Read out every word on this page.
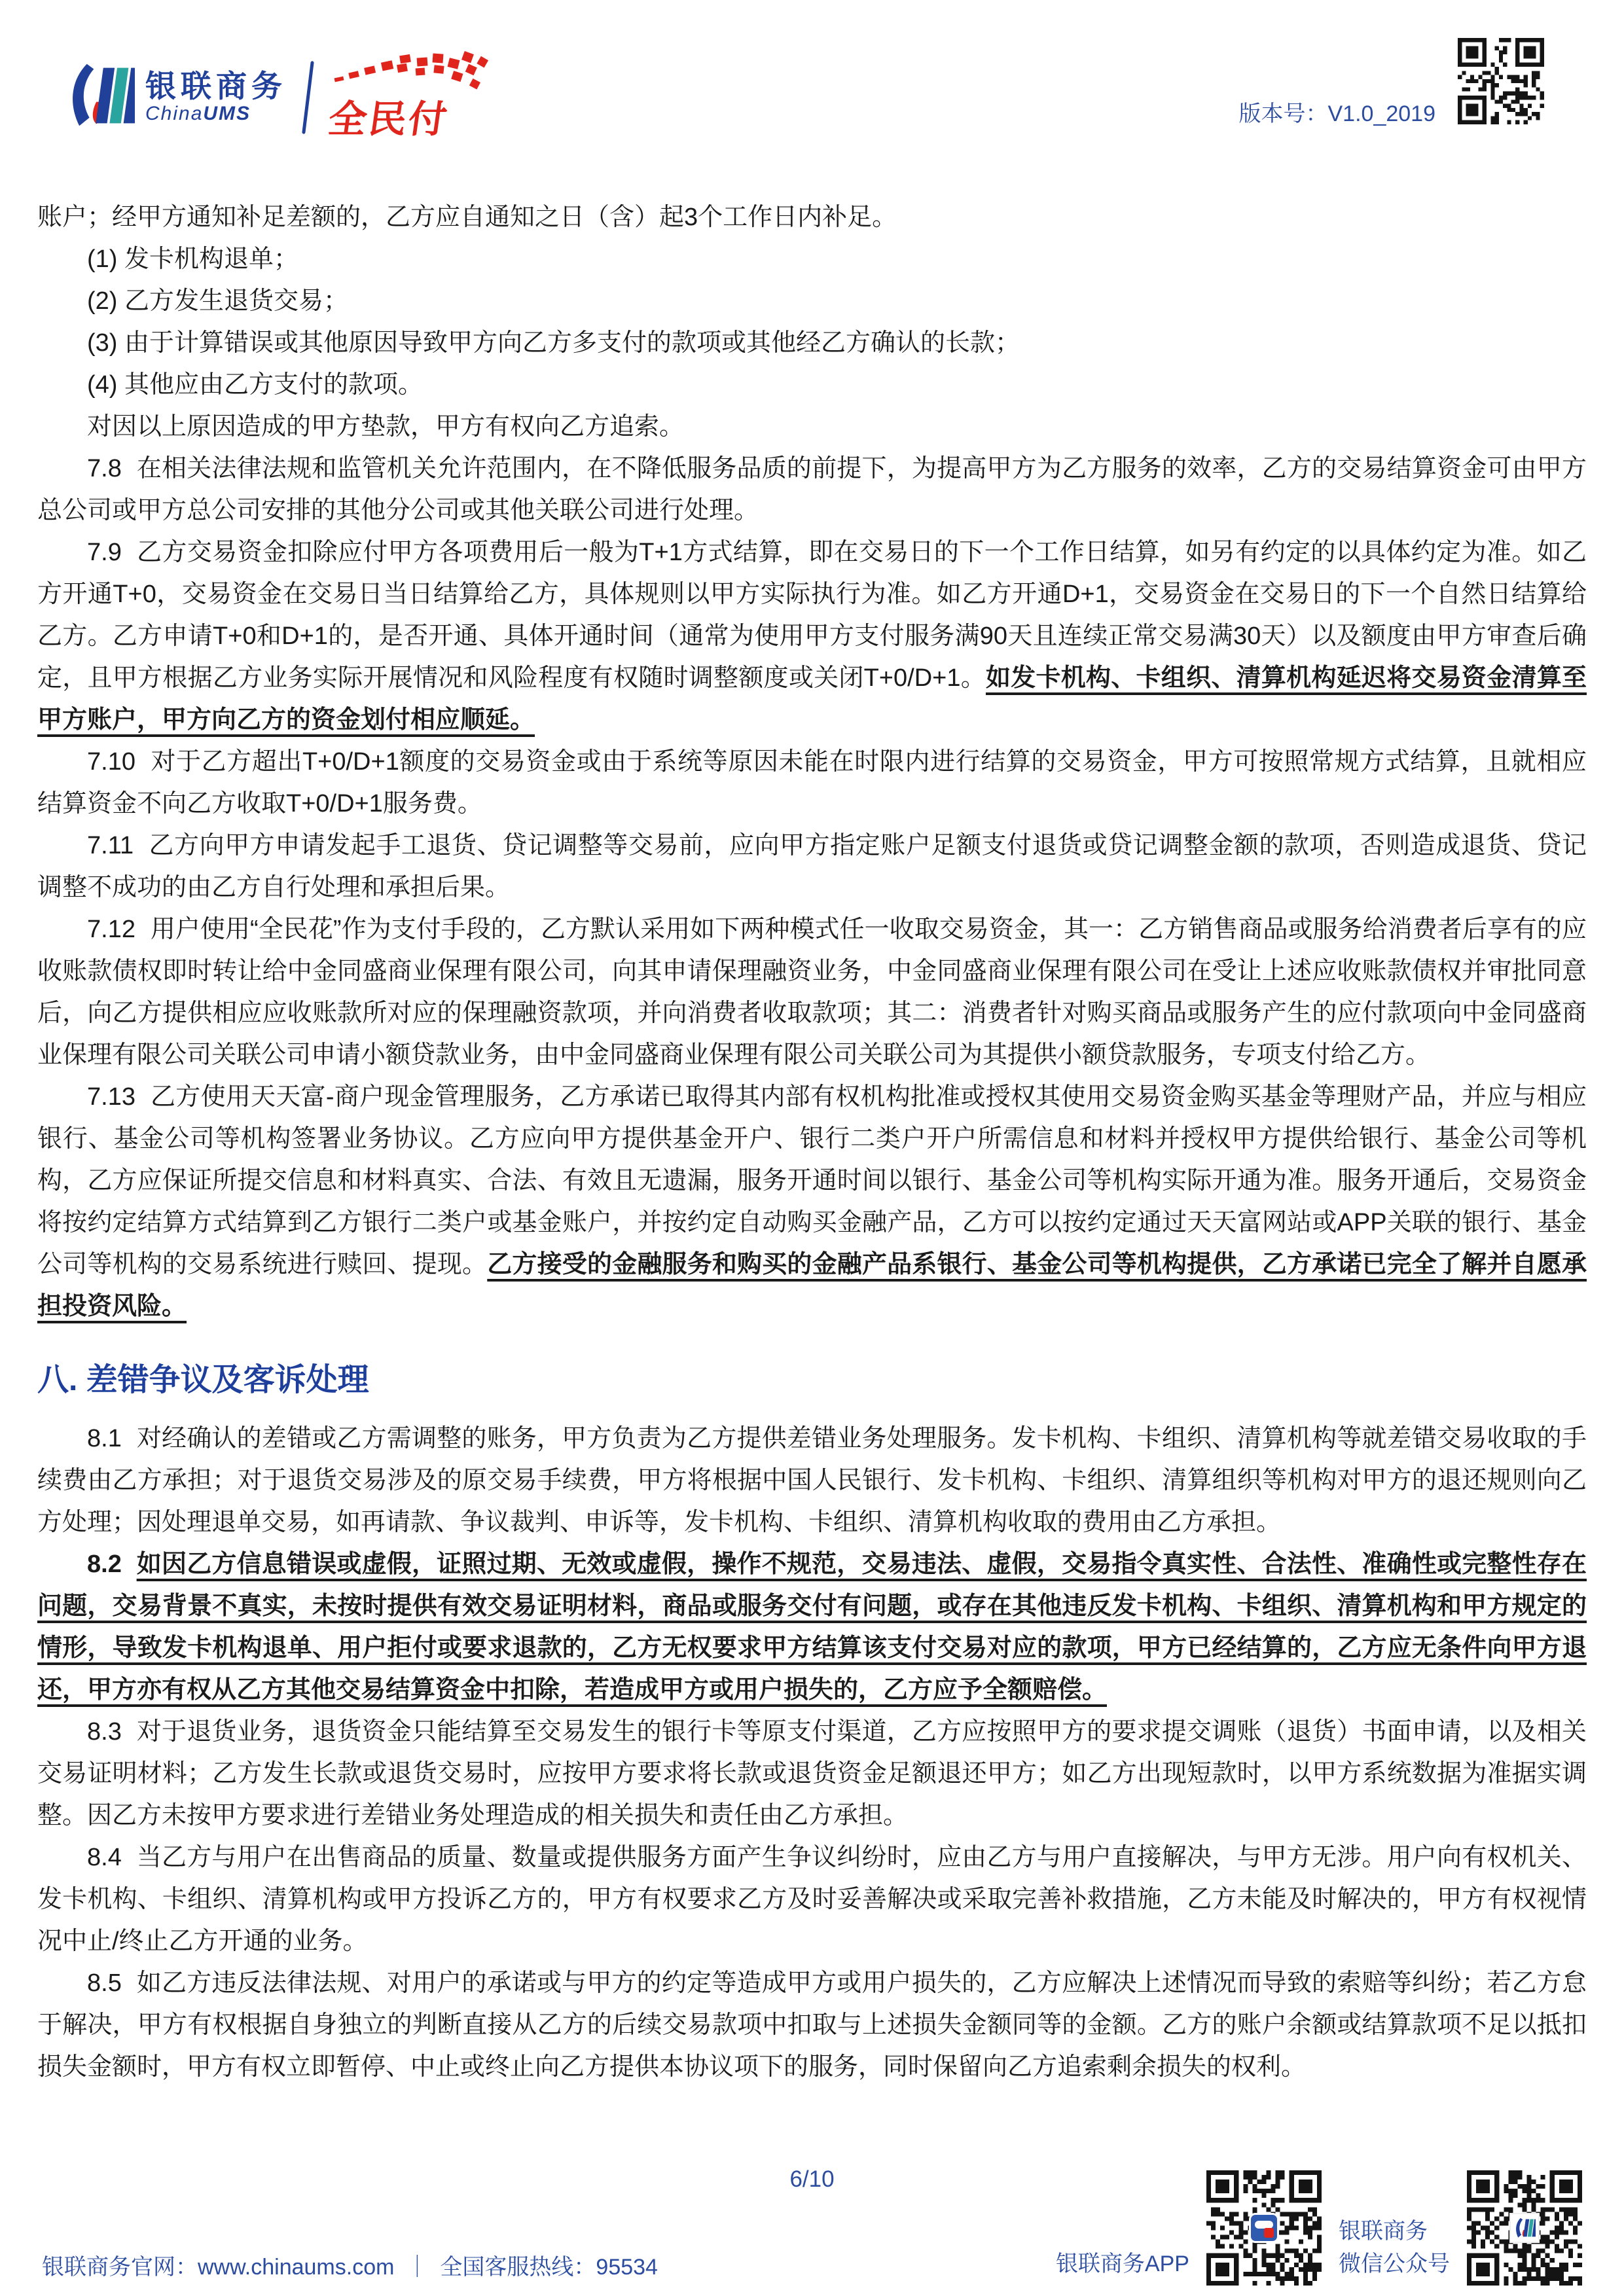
银联商务
ChinaUMS	全民付	版本号：V1.0_2019

账户；经甲方通知补足差额的，乙方应自通知之日（含）起3个工作日内补足。

(1) 发卡机构退单；

(2) 乙方发生退货交易；

(3) 由于计算错误或其他原因导致甲方向乙方多支付的款项或其他经乙方确认的长款；

(4) 其他应由乙方支付的款项。

对因以上原因造成的甲方垫款，甲方有权向乙方追索。

7.8 在相关法律法规和监管机关允许范围内，在不降低服务品质的前提下，为提高甲方为乙方服务的效率，乙方的交易结算资金可由甲方总公司或甲方总公司安排的其他分公司或其他关联公司进行处理。

7.9 乙方交易资金扣除应付甲方各项费用后一般为T+1方式结算，即在交易日的下一个工作日结算，如另有约定的以具体约定为准。如乙方开通T+0，交易资金在交易日当日结算给乙方，具体规则以甲方实际执行为准。如乙方开通D+1，交易资金在交易日的下一个自然日结算给乙方。乙方申请T+0和D+1的，是否开通、具体开通时间（通常为使用甲方支付服务满90天且连续正常交易满30天）以及额度由甲方审查后确定，且甲方根据乙方业务实际开展情况和风险程度有权随时调整额度或关闭T+0/D+1。如发卡机构、卡组织、清算机构延迟将交易资金清算至甲方账户，甲方向乙方的资金划付相应顺延。

7.10 对于乙方超出T+0/D+1额度的交易资金或由于系统等原因未能在时限内进行结算的交易资金，甲方可按照常规方式结算，且就相应结算资金不向乙方收取T+0/D+1服务费。

7.11 乙方向甲方申请发起手工退货、贷记调整等交易前，应向甲方指定账户足额支付退货或贷记调整金额的款项，否则造成退货、贷记调整不成功的由乙方自行处理和承担后果。

7.12 用户使用“全民花”作为支付手段的，乙方默认采用如下两种模式任一收取交易资金，其一：乙方销售商品或服务给消费者后享有的应收账款债权即时转让给中金同盛商业保理有限公司，向其申请保理融资业务，中金同盛商业保理有限公司在受让上述应收账款债权并审批同意后，向乙方提供相应应收账款所对应的保理融资款项，并向消费者收取款项；其二：消费者针对购买商品或服务产生的应付款项向中金同盛商业保理有限公司关联公司申请小额贷款业务，由中金同盛商业保理有限公司关联公司为其提供小额贷款服务，专项支付给乙方。

7.13 乙方使用天天富-商户现金管理服务，乙方承诺已取得其内部有权机构批准或授权其使用交易资金购买基金等理财产品，并应与相应银行、基金公司等机构签署业务协议。乙方应向甲方提供基金开户、银行二类户开户所需信息和材料并授权甲方提供给银行、基金公司等机构，乙方应保证所提交信息和材料真实、合法、有效且无遗漏，服务开通时间以银行、基金公司等机构实际开通为准。服务开通后，交易资金将按约定结算方式结算到乙方银行二类户或基金账户，并按约定自动购买金融产品，乙方可以按约定通过天天富网站或APP关联的银行、基金公司等机构的交易系统进行赎回、提现。乙方接受的金融服务和购买的金融产品系银行、基金公司等机构提供，乙方承诺已完全了解并自愿承担投资风险。

八. 差错争议及客诉处理

8.1 对经确认的差错或乙方需调整的账务，甲方负责为乙方提供差错业务处理服务。发卡机构、卡组织、清算机构等就差错交易收取的手续费由乙方承担；对于退货交易涉及的原交易手续费，甲方将根据中国人民银行、发卡机构、卡组织、清算组织等机构对甲方的退还规则向乙方处理；因处理退单交易，如再请款、争议裁判、申诉等，发卡机构、卡组织、清算机构收取的费用由乙方承担。

8.2 如因乙方信息错误或虚假，证照过期、无效或虚假，操作不规范，交易违法、虚假，交易指令真实性、合法性、准确性或完整性存在问题，交易背景不真实，未按时提供有效交易证明材料，商品或服务交付有问题，或存在其他违反发卡机构、卡组织、清算机构和甲方规定的情形，导致发卡机构退单、用户拒付或要求退款的，乙方无权要求甲方结算该支付交易对应的款项，甲方已经结算的，乙方应无条件向甲方退还，甲方亦有权从乙方其他交易结算资金中扣除，若造成甲方或用户损失的，乙方应予全额赔偿。

8.3 对于退货业务，退货资金只能结算至交易发生的银行卡等原支付渠道，乙方应按照甲方的要求提交调账（退货）书面申请，以及相关交易证明材料；乙方发生长款或退货交易时，应按甲方要求将长款或退货资金足额退还甲方；如乙方出现短款时，以甲方系统数据为准据实调整。因乙方未按甲方要求进行差错业务处理造成的相关损失和责任由乙方承担。

8.4 当乙方与用户在出售商品的质量、数量或提供服务方面产生争议纠纷时，应由乙方与用户直接解决，与甲方无涉。用户向有权机关、发卡机构、卡组织、清算机构或甲方投诉乙方的，甲方有权要求乙方及时妥善解决或采取完善补救措施，乙方未能及时解决的，甲方有权视情况中止/终止乙方开通的业务。

8.5 如乙方违反法律法规、对用户的承诺或与甲方的约定等造成甲方或用户损失的，乙方应解决上述情况而导致的索赔等纠纷；若乙方怠于解决，甲方有权根据自身独立的判断直接从乙方的后续交易款项中扣取与上述损失金额同等的金额。乙方的账户余额或结算款项不足以抵扣损失金额时，甲方有权立即暂停、中止或终止向乙方提供本协议项下的服务，同时保留向乙方追索剩余损失的权利。

6/10
银联商务官网：www.chinaums.com ｜ 全国客服热线：95534	银联商务APP
银联商务
微信公众号
